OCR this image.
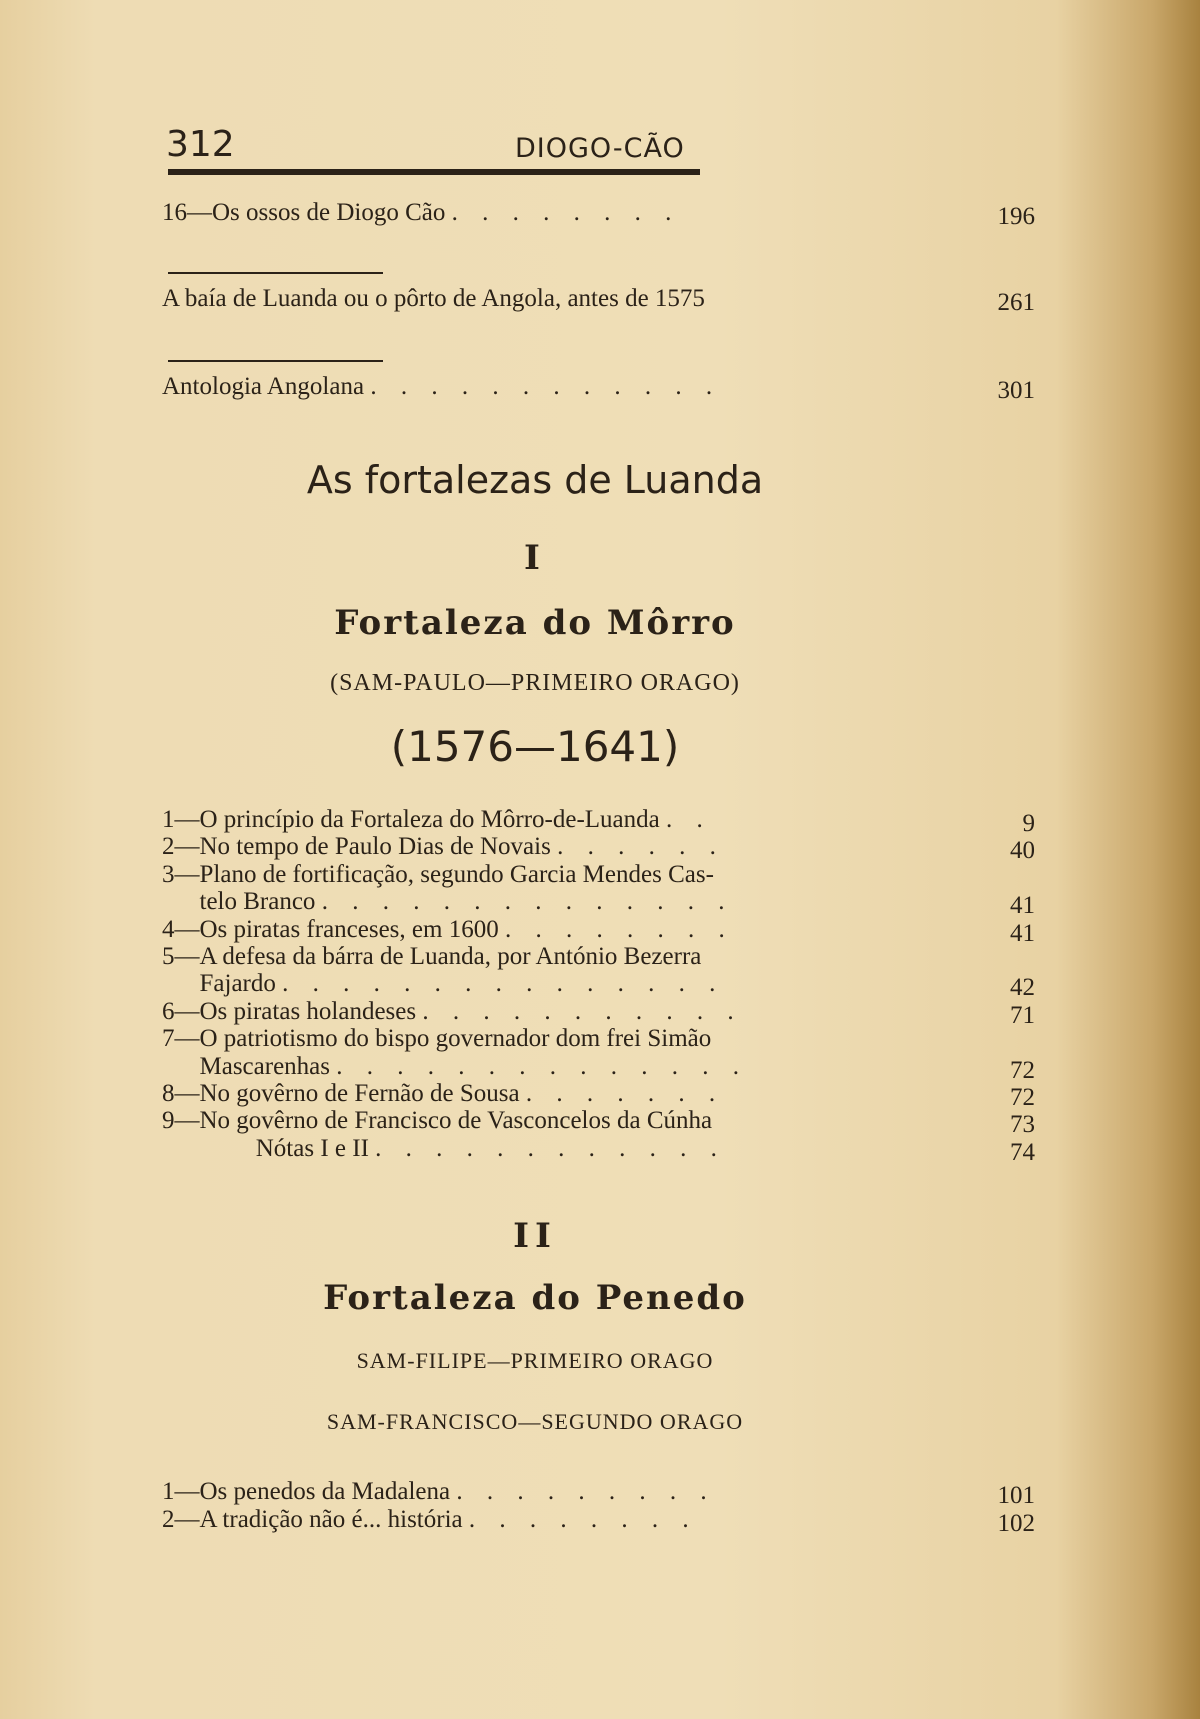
312	DIOGO-CÃO
16—Os ossos de Diogo Cão . . . . . . . .	196
A baía de Luanda ou o pôrto de Angola, antes de 1575	261
Antologia Angolana . . . . . . . . . . . .	301
As fortalezas de Luanda
I
Fortaleza do Môrro
(SAM-PAULO—PRIMEIRO ORAGO)
(1576—1641)
1—O princípio da Fortaleza do Môrro-de-Luanda . .	9
2—No tempo de Paulo Dias de Novais . . . . . .	40
3—Plano de fortificação, segundo Garcia Mendes Cas-
telo Branco . . . . . . . . . . . . . .	41
4—Os piratas franceses, em 1600 . . . . . . . .	41
5—A defesa da bárra de Luanda, por António Bezerra
Fajardo . . . . . . . . . . . . . . .	42
6—Os piratas holandeses . . . . . . . . . . .	71
7—O patriotismo do bispo governador dom frei Simão
Mascarenhas . . . . . . . . . . . . . .	72
8—No govêrno de Fernão de Sousa . . . . . . .	72
9—No govêrno de Francisco de Vasconcelos da Cúnha	73
Nótas I e II . . . . . . . . . . . .	74
II
Fortaleza do Penedo
SAM-FILIPE—PRIMEIRO ORAGO
SAM-FRANCISCO—SEGUNDO ORAGO
1—Os penedos da Madalena . . . . . . . . .	101
2—A tradição não é... história . . . . . . . .	102
